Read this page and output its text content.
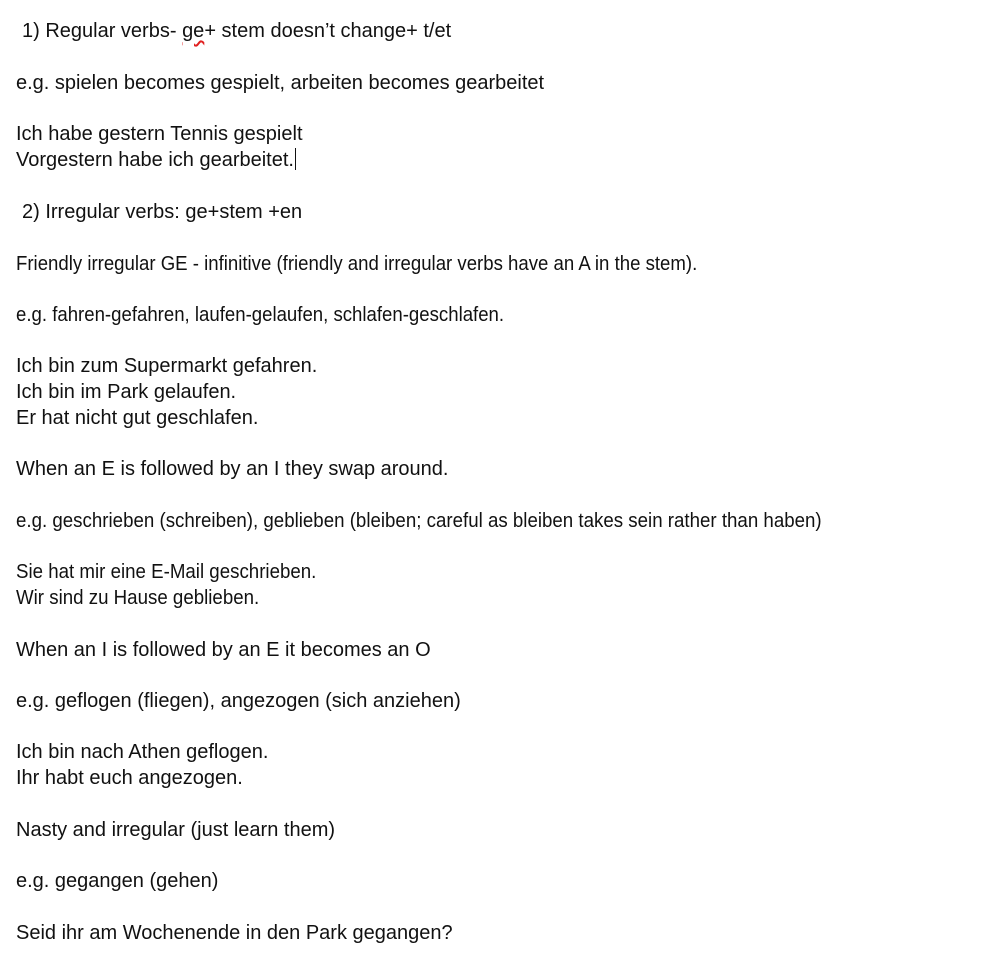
1) Regular verbs- ge+ stem doesn’t change+ t/et
e.g. spielen becomes gespielt, arbeiten becomes gearbeitet
Ich habe gestern Tennis gespielt
Vorgestern habe ich gearbeitet.
2) Irregular verbs: ge+stem +en
Friendly irregular GE - infinitive (friendly and irregular verbs have an A in the stem).
e.g. fahren-gefahren, laufen-gelaufen, schlafen-geschlafen.
Ich bin zum Supermarkt gefahren.
Ich bin im Park gelaufen.
Er hat nicht gut geschlafen.
When an E is followed by an I they swap around.
e.g. geschrieben (schreiben), geblieben (bleiben; careful as bleiben takes sein rather than haben)
Sie hat mir eine E-Mail geschrieben.
Wir sind zu Hause geblieben.
When an I is followed by an E it becomes an O
e.g. geflogen (fliegen), angezogen (sich anziehen)
Ich bin nach Athen geflogen.
Ihr habt euch angezogen.
Nasty and irregular (just learn them)
e.g. gegangen (gehen)
Seid ihr am Wochenende in den Park gegangen?
